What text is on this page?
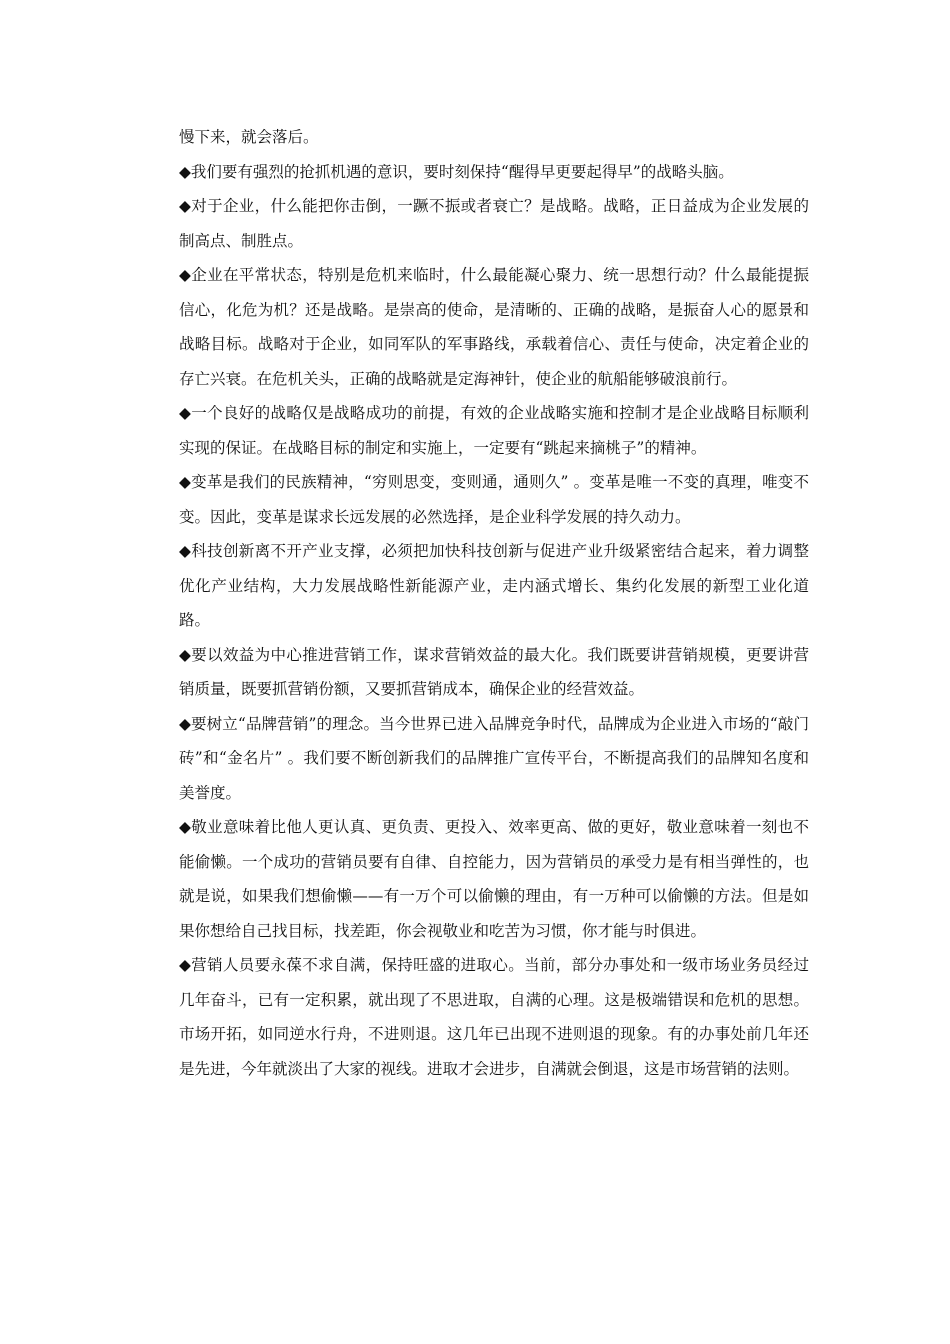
慢下来，就会落后。

◆我们要有强烈的抢抓机遇的意识，要时刻保持“醒得早更要起得早”的战略头脑。

◆对于企业，什么能把你击倒，一蹶不振或者衰亡？是战略。战略，正日益成为企业发展的制高点、制胜点。

◆企业在平常状态，特别是危机来临时，什么最能凝心聚力、统一思想行动？什么最能提振信心，化危为机？还是战略。是崇高的使命，是清晰的、正确的战略，是振奋人心的愿景和战略目标。战略对于企业，如同军队的军事路线，承载着信心、责任与使命，决定着企业的存亡兴衰。在危机关头，正确的战略就是定海神针，使企业的航船能够破浪前行。

◆一个良好的战略仅是战略成功的前提，有效的企业战略实施和控制才是企业战略目标顺利实现的保证。在战略目标的制定和实施上，一定要有“跳起来摘桃子”的精神。

◆变革是我们的民族精神，“穷则思变，变则通，通则久” 。变革是唯一不变的真理，唯变不变。因此，变革是谋求长远发展的必然选择，是企业科学发展的持久动力。

◆科技创新离不开产业支撑，必须把加快科技创新与促进产业升级紧密结合起来，着力调整优化产业结构，大力发展战略性新能源产业，走内涵式增长、集约化发展的新型工业化道路。

◆要以效益为中心推进营销工作，谋求营销效益的最大化。我们既要讲营销规模，更要讲营销质量，既要抓营销份额，又要抓营销成本，确保企业的经营效益。

◆要树立“品牌营销”的理念。当今世界已进入品牌竞争时代，品牌成为企业进入市场的“敲门砖”和“金名片” 。我们要不断创新我们的品牌推广宣传平台，不断提高我们的品牌知名度和美誉度。

◆敬业意味着比他人更认真、更负责、更投入、效率更高、做的更好，敬业意味着一刻也不能偷懒。一个成功的营销员要有自律、自控能力，因为营销员的承受力是有相当弹性的，也就是说，如果我们想偷懒——有一万个可以偷懒的理由，有一万种可以偷懒的方法。但是如果你想给自己找目标，找差距，你会视敬业和吃苦为习惯，你才能与时俱进。

◆营销人员要永葆不求自满，保持旺盛的进取心。当前，部分办事处和一级市场业务员经过几年奋斗，已有一定积累，就出现了不思进取，自满的心理。这是极端错误和危机的思想。市场开拓，如同逆水行舟，不进则退。这几年已出现不进则退的现象。有的办事处前几年还是先进，今年就淡出了大家的视线。进取才会进步，自满就会倒退，这是市场营销的法则。
